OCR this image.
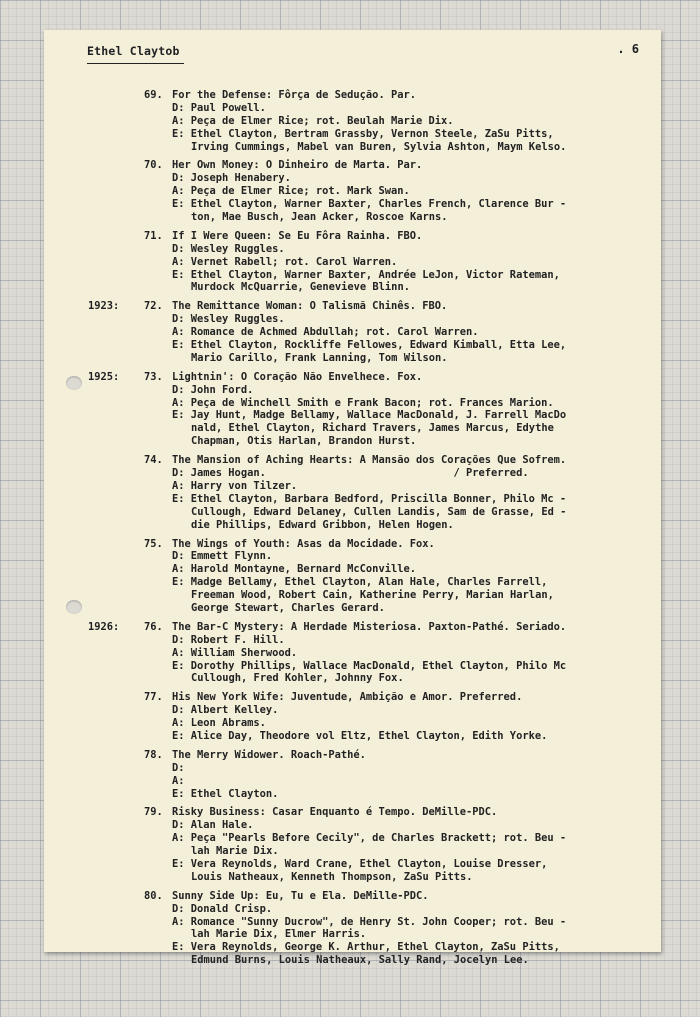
Ethel Claytob	. 6

For the Defense: Fôrça de Sedução. Par.
69.
D: Paul Powell.
A: Peça de Elmer Rice; rot. Beulah Marie Dix.
E: Ethel Clayton, Bertram Grassby, Vernon Steele, ZaSu Pitts,
Irving Cummings, Mabel van Buren, Sylvia Ashton, Maym Kelso.
Her Own Money: O Dinheiro de Marta. Par.
70.
D: Joseph Henabery.
A: Peça de Elmer Rice; rot. Mark Swan.
E: Ethel Clayton, Warner Baxter, Charles French, Clarence Bur -
ton, Mae Busch, Jean Acker, Roscoe Karns.
If I Were Queen: Se Eu Fôra Rainha. FBO.
71.
D: Wesley Ruggles.
A: Vernet Rabell; rot. Carol Warren.
E: Ethel Clayton, Warner Baxter, Andrée LeJon, Victor Rateman,
Murdock McQuarrie, Genevieve Blinn.
The Remittance Woman: O Talismã Chinês. FBO.
1923: 72.
D: Wesley Ruggles.
A: Romance de Achmed Abdullah; rot. Carol Warren.
E: Ethel Clayton, Rockliffe Fellowes, Edward Kimball, Etta Lee,
Mario Carillo, Frank Lanning, Tom Wilson.
Lightnin': O Coração Não Envelhece. Fox.
1925: 73.
D: John Ford.
A: Peça de Winchell Smith e Frank Bacon; rot. Frances Marion.
E: Jay Hunt, Madge Bellamy, Wallace MacDonald, J. Farrell MacDo
nald, Ethel Clayton, Richard Travers, James Marcus, Edythe
Chapman, Otis Harlan, Brandon Hurst.
The Mansion of Aching Hearts: A Mansão dos Corações Que Sofrem.
74.
D: James Hogan.                              / Preferred.
A: Harry von Tilzer.
E: Ethel Clayton, Barbara Bedford, Priscilla Bonner, Philo Mc -
Cullough, Edward Delaney, Cullen Landis, Sam de Grasse, Ed -
die Phillips, Edward Gribbon, Helen Hogen.
The Wings of Youth: Asas da Mocidade. Fox.
75.
D: Emmett Flynn.
A: Harold Montayne, Bernard McConville.
E: Madge Bellamy, Ethel Clayton, Alan Hale, Charles Farrell,
Freeman Wood, Robert Cain, Katherine Perry, Marian Harlan,
George Stewart, Charles Gerard.
The Bar-C Mystery: A Herdade Misteriosa. Paxton-Pathé. Seriado.
1926: 76.
D: Robert F. Hill.
A: William Sherwood.
E: Dorothy Phillips, Wallace MacDonald, Ethel Clayton, Philo Mc
Cullough, Fred Kohler, Johnny Fox.
His New York Wife: Juventude, Ambição e Amor. Preferred.
77.
D: Albert Kelley.
A: Leon Abrams.
E: Alice Day, Theodore vol Eltz, Ethel Clayton, Edith Yorke.
The Merry Widower. Roach-Pathé.
78.
D:
A:
E: Ethel Clayton.
Risky Business: Casar Enquanto é Tempo. DeMille-PDC.
79.
D: Alan Hale.
A: Peça "Pearls Before Cecily", de Charles Brackett; rot. Beu -
lah Marie Dix.
E: Vera Reynolds, Ward Crane, Ethel Clayton, Louise Dresser,
Louis Natheaux, Kenneth Thompson, ZaSu Pitts.
Sunny Side Up: Eu, Tu e Ela. DeMille-PDC.
80.
D: Donald Crisp.
A: Romance "Sunny Ducrow", de Henry St. John Cooper; rot. Beu -
lah Marie Dix, Elmer Harris.
E: Vera Reynolds, George K. Arthur, Ethel Clayton, ZaSu Pitts,
Edmund Burns, Louis Natheaux, Sally Rand, Jocelyn Lee.
